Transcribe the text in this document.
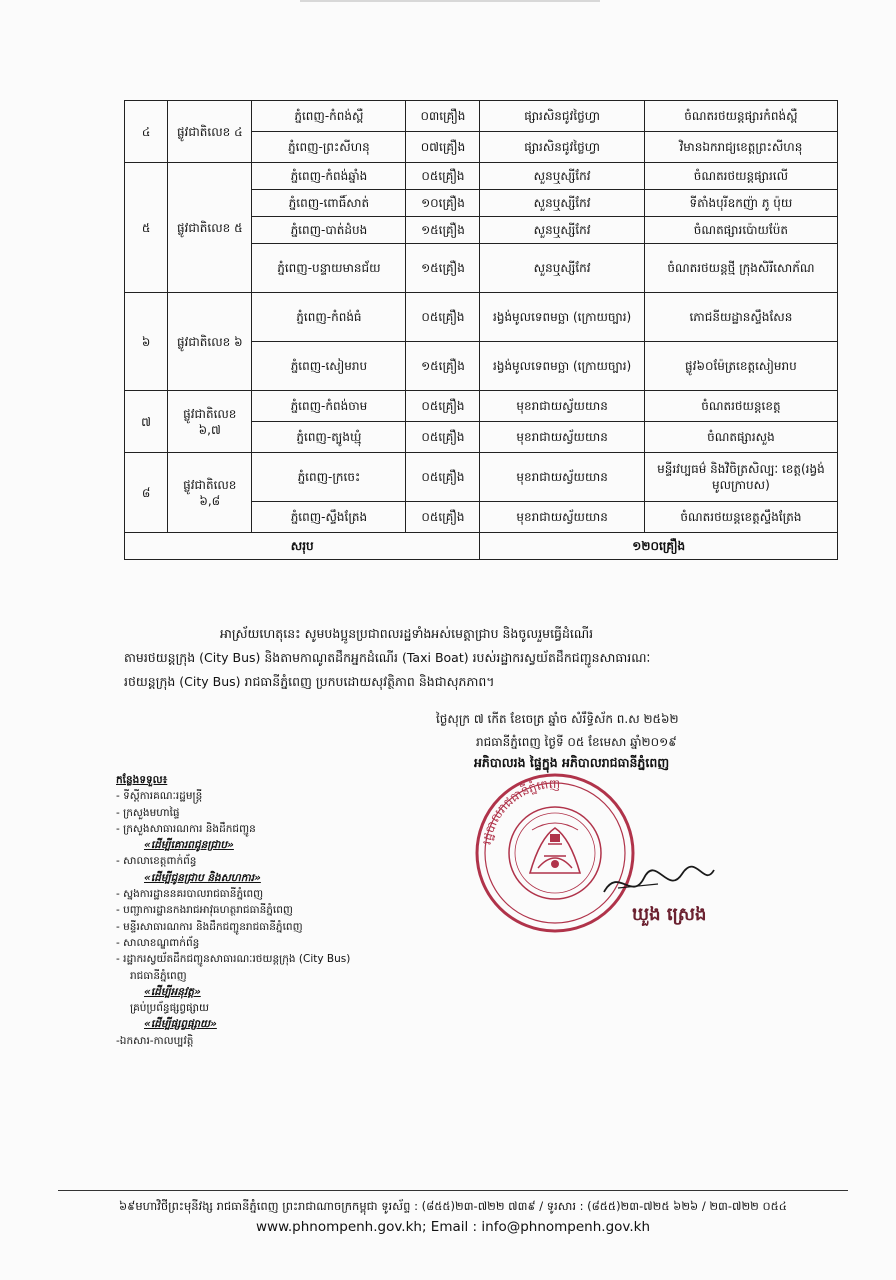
៤	ផ្លូវជាតិលេខ ៤	ភ្នំពេញ-កំពង់ស្ពឺ	០៣គ្រឿង	ផ្សារសិនជូវថ្លៃហ្វា	ចំណតរថយន្តផ្សារកំពង់ស្ពឺ
		ភ្នំពេញ-ព្រះសីហនុ	០៧គ្រឿង	ផ្សារសិនជូវថ្លៃហ្វា	វិមានឯករាជ្យខេត្តព្រះសីហនុ
៥	ផ្លូវជាតិលេខ ៥	ភ្នំពេញ-កំពង់ឆ្នាំង	០៥គ្រឿង	សួនឬស្សីកែវ	ចំណតរថយន្តផ្សារលើ
		ភ្នំពេញ-ពោធិ៍សាត់	១០គ្រឿង	សួនឬស្សីកែវ	ទីតាំងបុរីឧកញ៉ា ភូ ប៉ុយ
		ភ្នំពេញ-បាត់ដំបង	១៥គ្រឿង	សួនឬស្សីកែវ	ចំណតផ្សារប៉ោយប៉ែត
		ភ្នំពេញ-បន្ទាយមានជ័យ	១៥គ្រឿង	សួនឬស្សីកែវ	ចំណតរថយន្តថ្មី ក្រុងសិរីសោភ័ណ
៦	ផ្លូវជាតិលេខ ៦	ភ្នំពេញ-កំពង់ធំ	០៥គ្រឿង	រង្វង់មូលទេពមច្ឆា (ក្រោយច្បារ)	ភោជនីយដ្ឋានស្ទឹងសែន
		ភ្នំពេញ-សៀមរាប	១៥គ្រឿង	រង្វង់មូលទេពមច្ឆា (ក្រោយច្បារ)	ផ្លូវ៦០ម៉ែត្រខេត្តសៀមរាប
៧	ផ្លូវជាតិលេខ ៦,៧	ភ្នំពេញ-កំពង់ចាម	០៥គ្រឿង	មុខរាជាយស្វ័យយាន	ចំណតរថយន្តខេត្ត
		ភ្នំពេញ-ត្បូងឃ្មុំ	០៥គ្រឿង	មុខរាជាយស្វ័យយាន	ចំណតផ្សារសួង
៨	ផ្លូវជាតិលេខ ៦,៨	ភ្នំពេញ-ក្រចេះ	០៥គ្រឿង	មុខរាជាយស្វ័យយាន	មន្ទីរវប្បធម៌ និងវិចិត្រសិល្បៈ ខេត្ត(រង្វង់មូលក្រាបស)
		ភ្នំពេញ-ស្ទឹងត្រែង	០៥គ្រឿង	មុខរាជាយស្វ័យយាន	ចំណតរថយន្តខេត្តស្ទឹងត្រែង
សរុប				១២០គ្រឿង	
អាស្រ័យហេតុនេះ សូមបងប្អូនប្រជាពលរដ្ឋទាំងអស់មេត្តាជ្រាប និងចូលរួមធ្វើដំណើរ
តាមរថយន្តក្រុង (City Bus) និងតាមកាណូតដឹកអ្នកដំណើរ (Taxi Boat) របស់រដ្ឋាករស្វយ័តដឹកជញ្ជូនសាធារណៈ
រថយន្តក្រុង (City Bus) រាជធានីភ្នំពេញ ប្រកបដោយសុវត្ថិភាព និងជាសុភភាព។
ថ្ងៃសុក្រ ៧ កើត ខែចេត្រ ឆ្នាំច សំរឹទ្ធិស័ក ព.ស ២៥៦២
រាជធានីភ្នំពេញ ថ្ងៃទី ០៥ ខែមេសា ឆ្នាំ២០១៩
អភិបាលរង ផ្ទៃក្នុង អភិបាលរាជធានីភ្នំពេញ
រដ្ឋបាលរាជធានីភ្នំពេញ
ឃួង ស្រេង
កន្លែងទទួល៖
- ទីស្តីការគណៈរដ្ឋមន្ត្រី
- ក្រសួងមហាផ្ទៃ
- ក្រសួងសាធារណការ និងដឹកជញ្ជូន
«ដើម្បីគោរពជូនជ្រាប»
- សាលាខេត្តពាក់ព័ន្ធ
«ដើម្បីជូនជ្រាប និងសហការ»
- ស្នងការដ្ឋាននគរបាលរាជធានីភ្នំពេញ
- បញ្ជាការដ្ឋានកងរាជអាវុធហត្ថរាជធានីភ្នំពេញ
- មន្ទីរសាធារណការ និងដឹកជញ្ជូនរាជធានីភ្នំពេញ
- សាលាខណ្ឌពាក់ព័ន្ធ
- រដ្ឋាករស្វយ័តដឹកជញ្ជូនសាធារណៈរថយន្តក្រុង (City Bus)
រាជធានីភ្នំពេញ
«ដើម្បីអនុវត្ត»
គ្រប់ប្រព័ន្ធផ្សព្វផ្សាយ
«ដើម្បីផ្សព្វផ្សាយ»
-ឯកសារ-កាលប្បវត្តិ
៦៩មហាវិថីព្រះមុនីវង្ស រាជធានីភ្នំពេញ ព្រះរាជាណាចក្រកម្ពុជា ទូរស័ព្ទ : (៨៥៥)២៣-៧២២ ៧៣៩ / ទូរសារ : (៨៥៥)២៣-៧២៥ ៦២៦ / ២៣-៧២២ ០៥៤
www.phnompenh.gov.kh; Email : info@phnompenh.gov.kh
